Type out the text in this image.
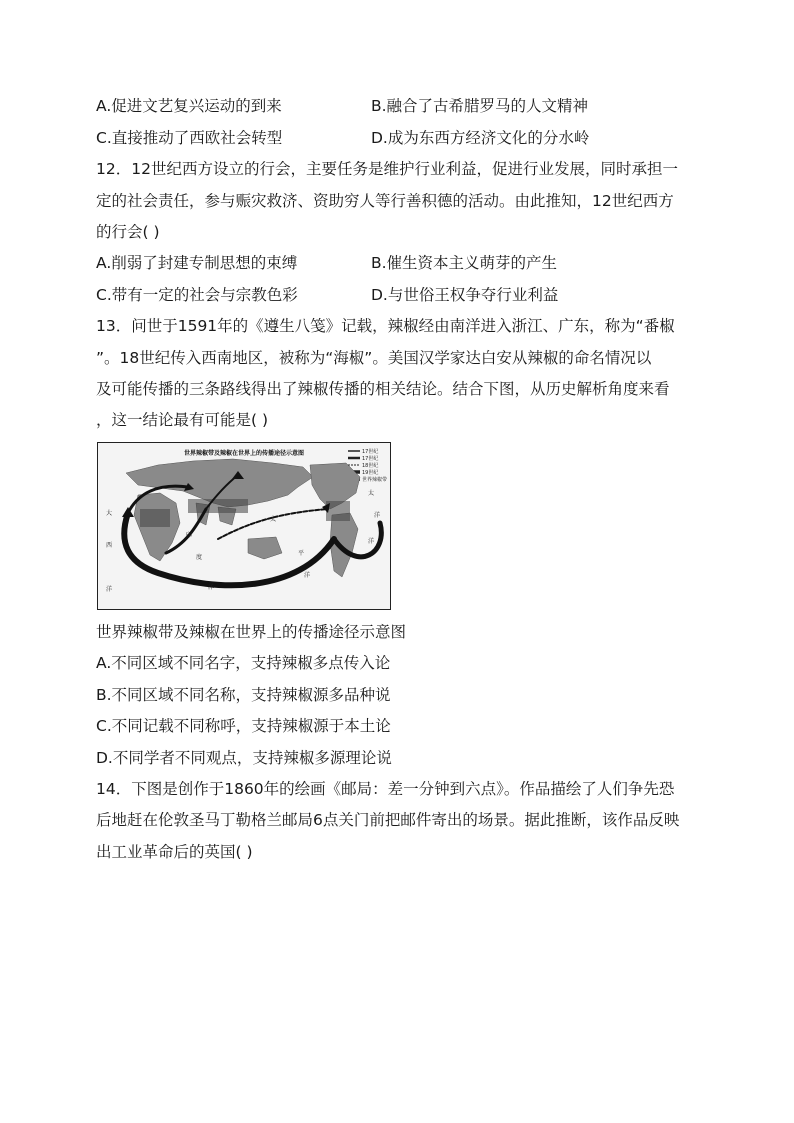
A.促进文艺复兴运动的到来	B.融合了古希腊罗马的人文精神
C.直接推动了西欧社会转型	D.成为东西方经济文化的分水岭
12．12世纪西方设立的行会，主要任务是维护行业利益，促进行业发展，同时承担一
定的社会责任，参与赈灾救济、资助穷人等行善积德的活动。由此推知，12世纪西方
的行会( )
A.削弱了封建专制思想的束缚	B.催生资本主义萌芽的产生
C.带有一定的社会与宗教色彩	D.与世俗王权争夺行业利益
13．问世于1591年的《遵生八笺》记载，辣椒经由南洋进入浙江、广东，称为“番椒
”。18世纪传入西南地区，被称为“海椒”。美国汉学家达白安从辣椒的命名情况以
及可能传播的三条路线得出了辣椒传播的相关结论。结合下图，从历史解析角度来看
，这一结论最有可能是( )
世界辣椒带及辣椒在世界上的传播途径示意图	17世纪
17世纪
18世纪
19世纪
世界辣椒带
大
西
洋
印
度
洋
太
平
洋
太
洋
洋
世界辣椒带及辣椒在世界上的传播途径示意图
A.不同区域不同名字，支持辣椒多点传入论
B.不同区域不同名称，支持辣椒源多品种说
C.不同记载不同称呼，支持辣椒源于本土论
D.不同学者不同观点，支持辣椒多源理论说
14．下图是创作于1860年的绘画《邮局：差一分钟到六点》。作品描绘了人们争先恐
后地赶在伦敦圣马丁勒格兰邮局6点关门前把邮件寄出的场景。据此推断，该作品反映
出工业革命后的英国( )
